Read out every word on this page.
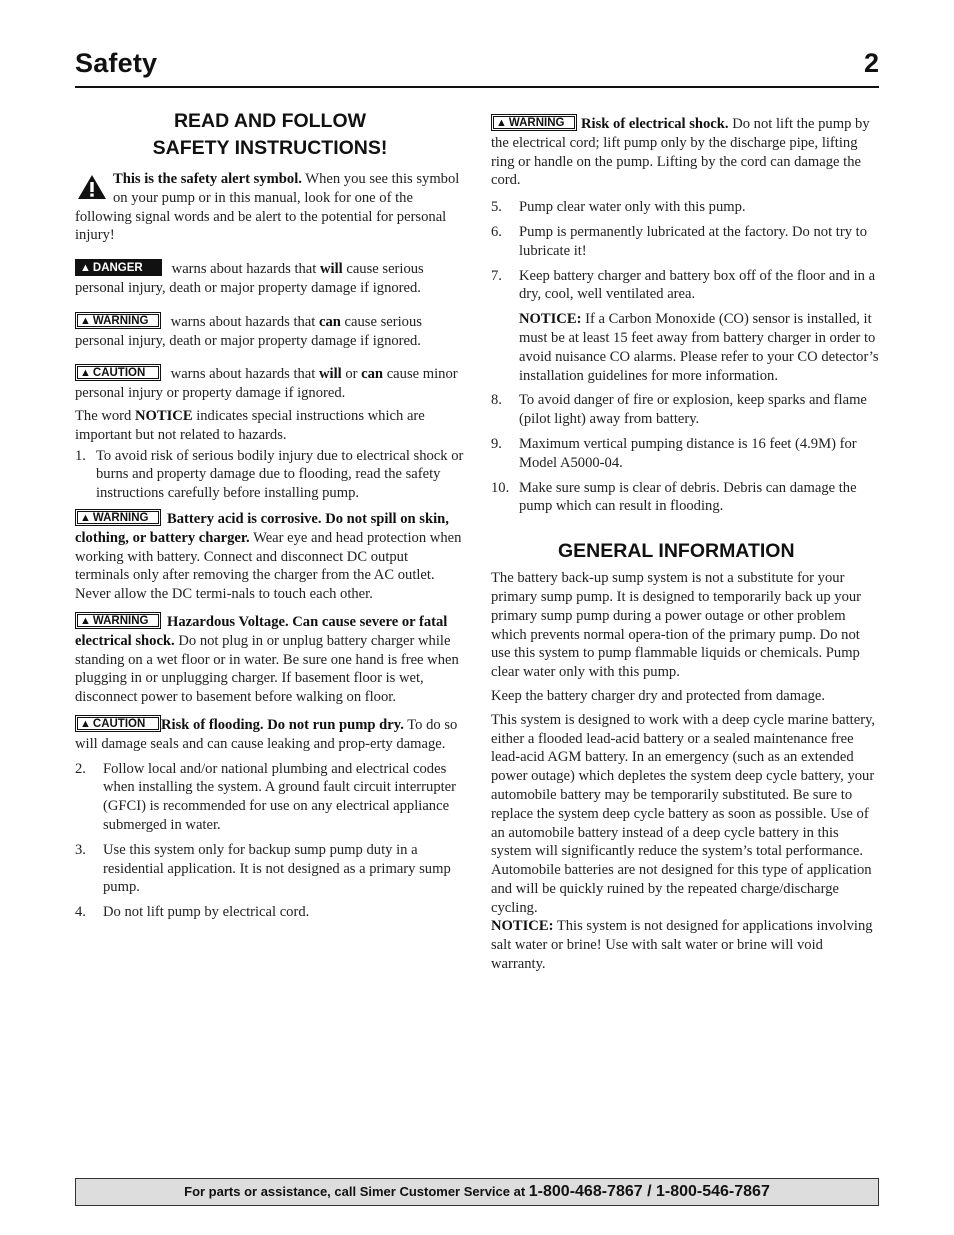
Safety	2
READ AND FOLLOW
SAFETY INSTRUCTIONS!

This is the safety alert symbol. When you see this symbol on your pump or in this manual, look for one of the following signal words and be alert to the potential for personal injury!

▲ DANGER warns about hazards that will cause serious personal injury, death or major property damage if ignored.

▲ WARNING warns about hazards that can cause serious personal injury, death or major property damage if ignored.

▲ CAUTION warns about hazards that will or can cause minor personal injury or property damage if ignored.

The word NOTICE indicates special instructions which are important but not related to hazards.

1. To avoid risk of serious bodily injury due to electrical shock or burns and property damage due to flooding, read the safety instructions carefully before installing pump.

▲ WARNING Battery acid is corrosive. Do not spill on skin, clothing, or battery charger. Wear eye and head protection when working with battery. Connect and disconnect DC output terminals only after removing the charger from the AC outlet. Never allow the DC termi-nals to touch each other.

▲ WARNING Hazardous Voltage. Can cause severe or fatal electrical shock. Do not plug in or unplug battery charger while standing on a wet floor or in water. Be sure one hand is free when plugging in or unplugging charger. If basement floor is wet, disconnect power to basement before walking on floor.

▲ CAUTION Risk of flooding. Do not run pump dry. To do so will damage seals and can cause leaking and prop-erty damage.

2. Follow local and/or national plumbing and electrical codes when installing the system. A ground fault circuit interrupter (GFCI) is recommended for use on any electrical appliance submerged in water.
3. Use this system only for backup sump pump duty in a residential application. It is not designed as a primary sump pump.
4. Do not lift pump by electrical cord.

▲ WARNING Risk of electrical shock. Do not lift the pump by the electrical cord; lift pump only by the discharge pipe, lifting ring or handle on the pump. Lifting by the cord can damage the cord.

5. Pump clear water only with this pump.
6. Pump is permanently lubricated at the factory. Do not try to lubricate it!
7. Keep battery charger and battery box off of the floor and in a dry, cool, well ventilated area.

NOTICE: If a Carbon Monoxide (CO) sensor is installed, it must be at least 15 feet away from battery charger in order to avoid nuisance CO alarms. Please refer to your CO detector’s installation guidelines for more information.

8. To avoid danger of fire or explosion, keep sparks and flame (pilot light) away from battery.
9. Maximum vertical pumping distance is 16 feet (4.9M) for Model A5000-04.
10. Make sure sump is clear of debris. Debris can damage the pump which can result in flooding.
GENERAL INFORMATION

The battery back-up sump system is not a substitute for your primary sump pump. It is designed to temporarily back up your primary sump pump during a power outage or other problem which prevents normal opera-tion of the primary pump. Do not use this system to pump flammable liquids or chemicals. Pump clear water only with this pump.

Keep the battery charger dry and protected from damage.

This system is designed to work with a deep cycle marine battery, either a flooded lead-acid battery or a sealed maintenance free lead-acid AGM battery. In an emergency (such as an extended power outage) which depletes the system deep cycle battery, your automobile battery may be temporarily substituted. Be sure to replace the system deep cycle battery as soon as possible. Use of an automobile battery instead of a deep cycle battery in this system will significantly reduce the system’s total performance. Automobile batteries are not designed for this type of application and will be quickly ruined by the repeated charge/discharge cycling.

NOTICE: This system is not designed for applications involving salt water or brine! Use with salt water or brine will void warranty.

For parts or assistance, call Simer Customer Service at 1-800-468-7867 / 1-800-546-7867
